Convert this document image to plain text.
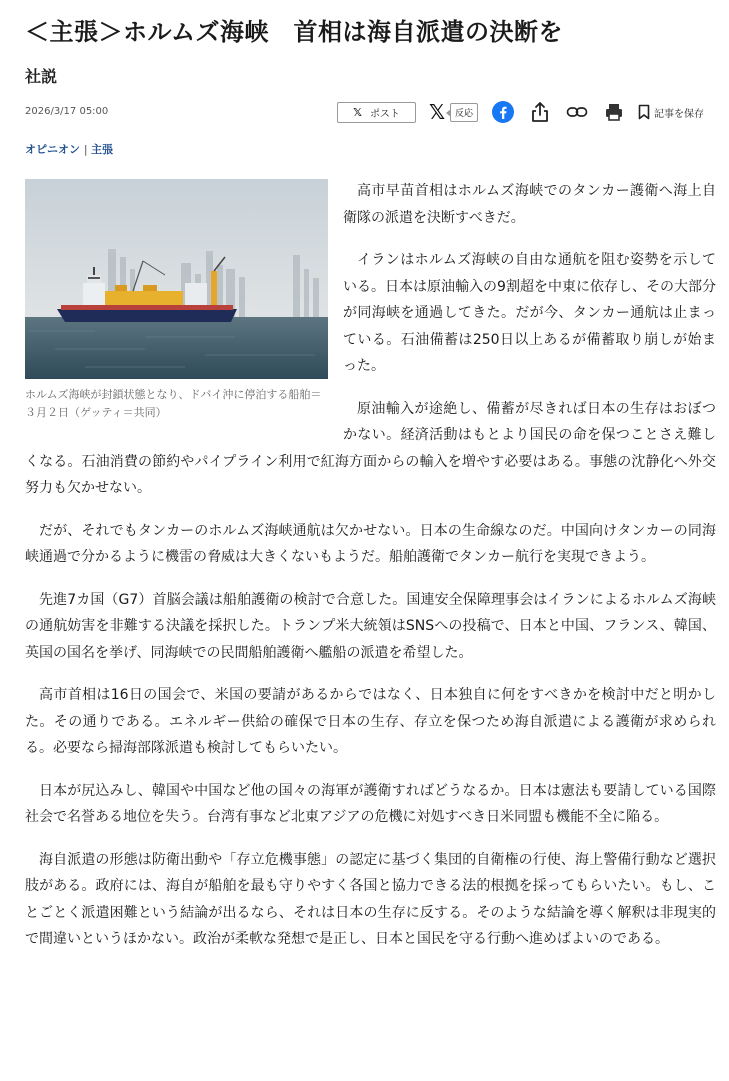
＜主張＞ホルムズ海峡　首相は海自派遣の決断を
社説
2026/3/17 05:00	𝕏 ポスト 𝕏	反応	記事を保存
オピニオン | 主張
ホルムズ海峡が封鎖状態となり、ドバイ沖に停泊する船舶＝３月２日（ゲッティ＝共同）

高市早苗首相はホルムズ海峡でのタンカー護衛へ海上自衛隊の派遣を決断すべきだ。

イランはホルムズ海峡の自由な通航を阻む姿勢を示している。日本は原油輸入の9割超を中東に依存し、その大部分が同海峡を通過してきた。だが今、タンカー通航は止まっている。石油備蓄は250日以上あるが備蓄取り崩しが始まった。

原油輸入が途絶し、備蓄が尽きれば日本の生存はおぼつかない。経済活動はもとより国民の命を保つことさえ難しくなる。石油消費の節約やパイプライン利用で紅海方面からの輸入を増やす必要はある。事態の沈静化へ外交努力も欠かせない。

だが、それでもタンカーのホルムズ海峡通航は欠かせない。日本の生命線なのだ。中国向けタンカーの同海峡通過で分かるように機雷の脅威は大きくないもようだ。船舶護衛でタンカー航行を実現できよう。

先進7カ国（G7）首脳会議は船舶護衛の検討で合意した。国連安全保障理事会はイランによるホルムズ海峡の通航妨害を非難する決議を採択した。トランプ米大統領はSNSへの投稿で、日本と中国、フランス、韓国、英国の国名を挙げ、同海峡での民間船舶護衛へ艦船の派遣を希望した。

高市首相は16日の国会で、米国の要請があるからではなく、日本独自に何をすべきかを検討中だと明かした。その通りである。エネルギー供給の確保で日本の生存、存立を保つため海自派遣による護衛が求められる。必要なら掃海部隊派遣も検討してもらいたい。

日本が尻込みし、韓国や中国など他の国々の海軍が護衛すればどうなるか。日本は憲法も要請している国際社会で名誉ある地位を失う。台湾有事など北東アジアの危機に対処すべき日米同盟も機能不全に陥る。

海自派遣の形態は防衛出動や「存立危機事態」の認定に基づく集団的自衛権の行使、海上警備行動など選択肢がある。政府には、海自が船舶を最も守りやすく各国と協力できる法的根拠を採ってもらいたい。もし、ことごとく派遣困難という結論が出るなら、それは日本の生存に反する。そのような結論を導く解釈は非現実的で間違いというほかない。政治が柔軟な発想で是正し、日本と国民を守る行動へ進めばよいのである。
